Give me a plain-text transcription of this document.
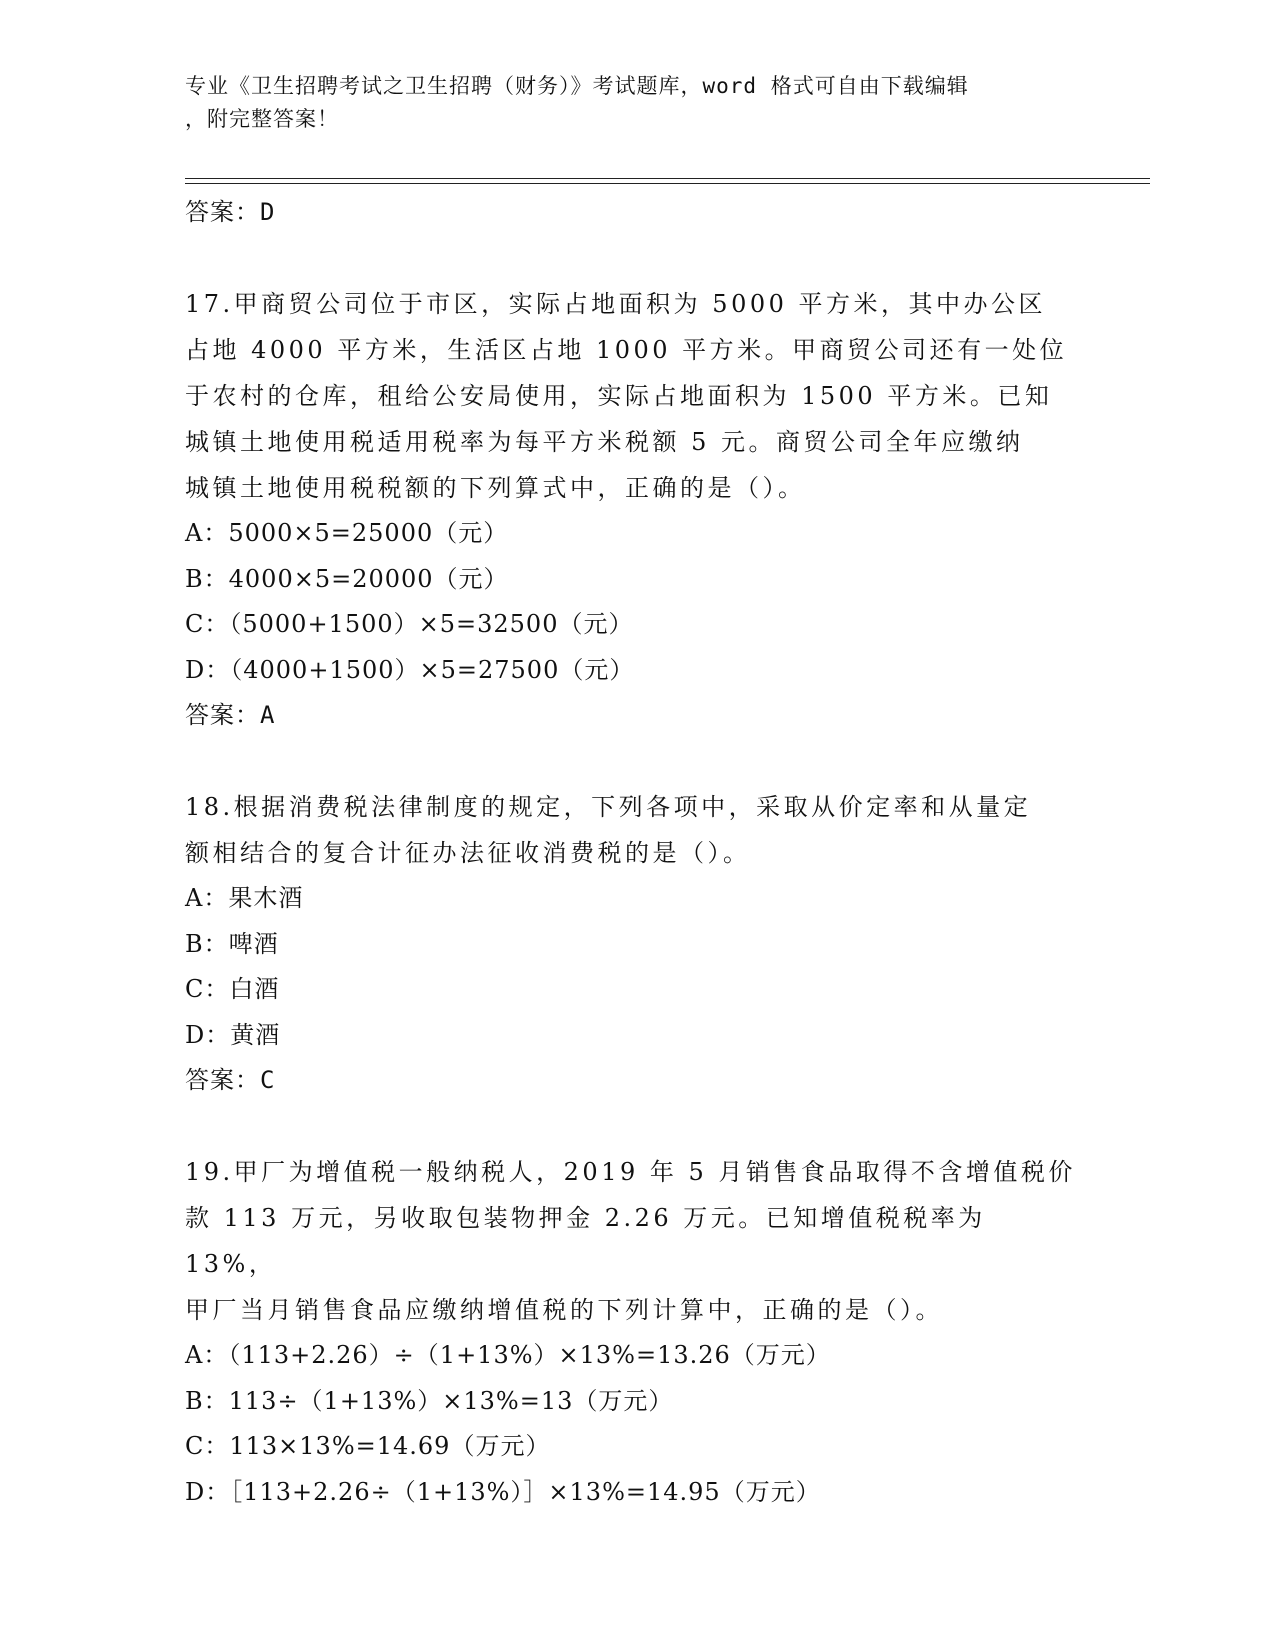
专业《卫生招聘考试之卫生招聘（财务）》考试题库，word 格式可自由下载编辑
，附完整答案！
答案：D
17.甲商贸公司位于市区，实际占地面积为 5000 平方米，其中办公区
占地 4000 平方米，生活区占地 1000 平方米。甲商贸公司还有一处位
于农村的仓库，租给公安局使用，实际占地面积为 1500 平方米。已知
城镇土地使用税适用税率为每平方米税额 5 元。商贸公司全年应缴纳
城镇土地使用税税额的下列算式中，正确的是（）。
A：5000×5=25000（元）
B：4000×5=20000（元）
C：（5000+1500）×5=32500（元）
D：（4000+1500）×5=27500（元）
答案：A
18.根据消费税法律制度的规定，下列各项中，采取从价定率和从量定
额相结合的复合计征办法征收消费税的是（）。
A：果木酒
B：啤酒
C：白酒
D：黄酒
答案：C
19.甲厂为增值税一般纳税人，2019 年 5 月销售食品取得不含增值税价
款 113 万元，另收取包装物押金 2.26 万元。已知增值税税率为 13%，
甲厂当月销售食品应缴纳增值税的下列计算中，正确的是（）。
A：（113+2.26）÷（1+13%）×13%=13.26（万元）
B：113÷（1+13%）×13%=13（万元）
C：113×13%=14.69（万元）
D：［113+2.26÷（1+13%）］×13%=14.95（万元）
